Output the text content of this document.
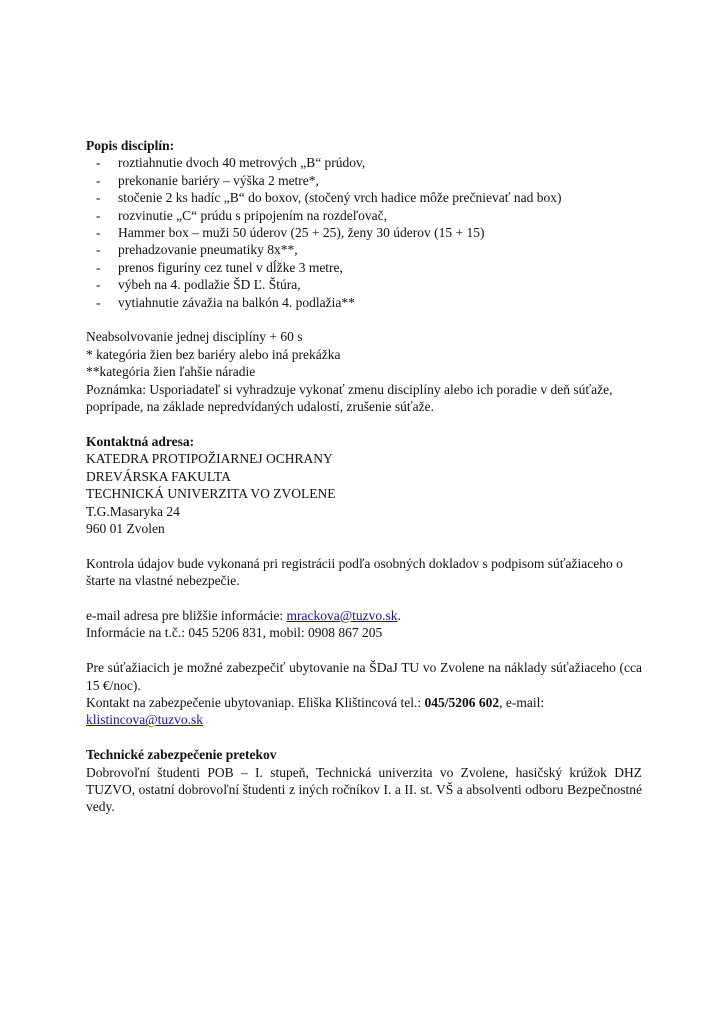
Popis disciplín:
- roztiahnutie dvoch 40 metrových „B“ prúdov,
- prekonanie bariéry – výška 2 metre*,
- stočenie 2 ks hadíc „B“ do boxov, (stočený vrch hadice môže prečnievať nad box)
- rozvinutie „C“ prúdu s pripojením na rozdeľovač,
- Hammer box – muži 50 úderov (25 + 25), ženy 30 úderov (15 + 15)
- prehadzovanie pneumatiky 8x**,
- prenos figuríny cez tunel v dĺžke 3 metre,
- výbeh na 4. podlažie ŠD Ľ. Štúra,
- vytiahnutie závažia na balkón 4. podlažia**
Neabsolvovanie jednej disciplíny + 60 s
* kategória žien bez bariéry alebo iná prekážka
**kategória žien ľahšie náradie
Poznámka: Usporiadateľ si vyhradzuje vykonať zmenu disciplíny alebo ich poradie v deň súťaže, poprípade, na základe nepredvídaných udalostí, zrušenie súťaže.
Kontaktná adresa:
KATEDRA PROTIPOŽIARNEJ OCHRANY
DREVÁRSKA FAKULTA
TECHNICKÁ UNIVERZITA VO ZVOLENE
T.G.Masaryka 24
960 01 Zvolen
Kontrola údajov bude vykonaná pri registrácii podľa osobných dokladov s podpisom súťažiaceho o štarte na vlastné nebezpečie.
e-mail adresa pre bližšie informácie: mrackova@tuzvo.sk.
Informácie na t.č.: 045 5206 831, mobil: 0908 867 205
Pre súťažiacich je možné zabezpečiť ubytovanie na ŠDaJ TU vo Zvolene na náklady súťažiaceho (cca 15 €/noc).
Kontakt na zabezpečenie ubytovaniap. Eliška Klištincová tel.: 045/5206 602, e-mail:
klistincova@tuzvo.sk
Technické zabezpečenie pretekov
Dobrovoľní študenti POB – I. stupeň, Technická univerzita vo Zvolene, hasičský krúžok DHZ TUZVO, ostatní dobrovoľní študenti z iných ročníkov I. a II. st. VŠ a absolventi odboru Bezpečnostné vedy.
